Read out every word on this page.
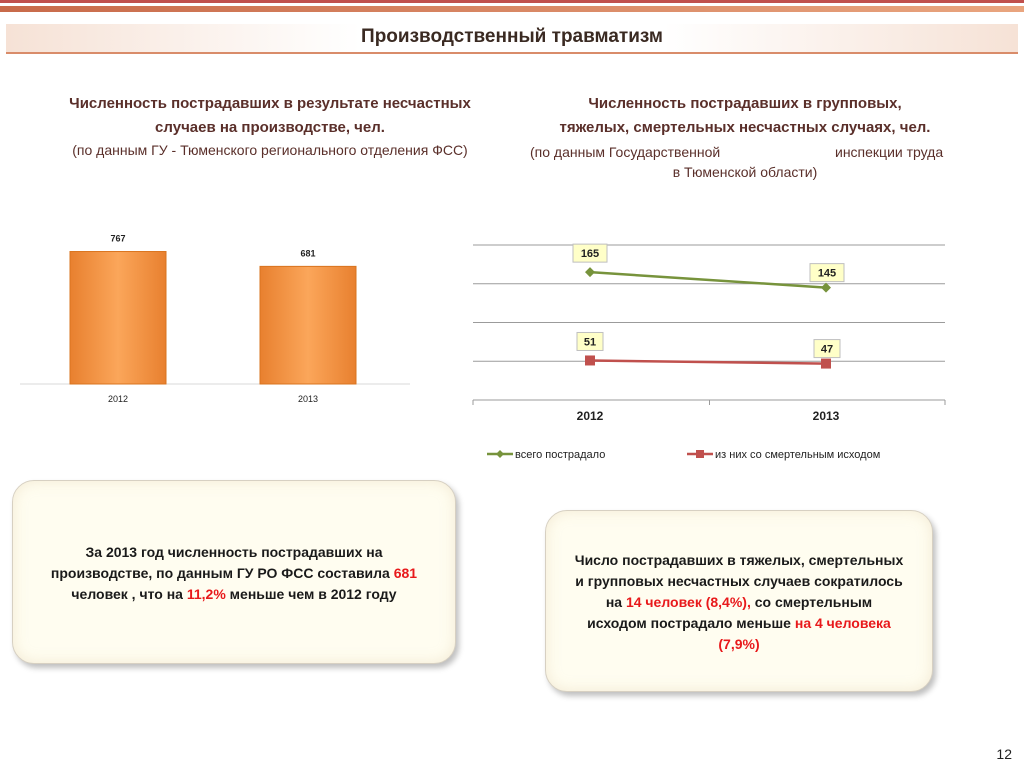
Производственный травматизм
Численность пострадавших в результате несчастных
случаев на производстве, чел.
(по данным ГУ - Тюменского регионального отделения ФСС)
Численность пострадавших в групповых,
тяжелых, смертельных несчастных случаях, чел.
(по данным Государственной	инспекции труда
в Тюменской области)
767
2012
681
2013
2012	2013
165
145
51
47
всего пострадало	из них со смертельным исходом
За 2013 год численность пострадавших на
производстве, по данным ГУ РО ФСС составила 681
человек , что на 11,2% меньше чем в 2012 году
Число пострадавших в тяжелых, смертельных
и групповых несчастных случаев сократилось
на 14 человек (8,4%), со смертельным
исходом пострадало меньше на 4 человека
(7,9%)
12
